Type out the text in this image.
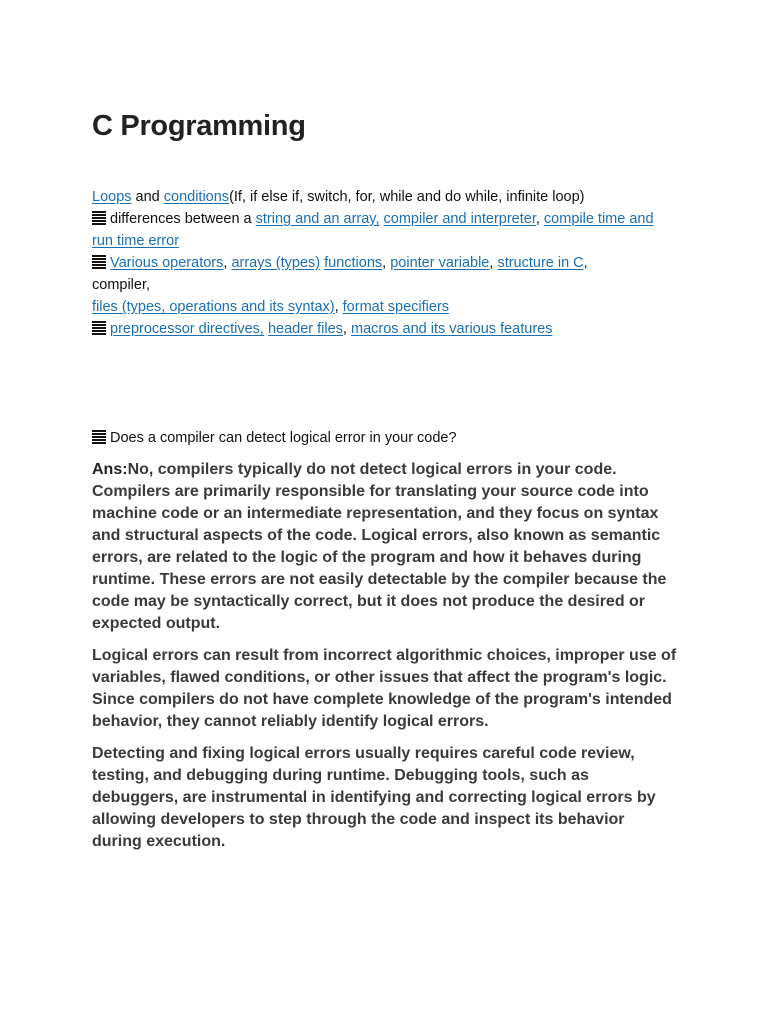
C Programming
Loops and conditions(If, if else if, switch, for, while and do while, infinite loop)
differences between a string and an array, compiler and interpreter, compile time and
run time error
Various operators, arrays (types) functions, pointer variable, structure in C,
compiler,
files (types, operations and its syntax), format specifiers
preprocessor directives, header files, macros and its various features
Does a compiler can detect logical error in your code?

Ans:No, compilers typically do not detect logical errors in your code. Compilers are primarily responsible for translating your source code into machine code or an intermediate representation, and they focus on syntax and structural aspects of the code. Logical errors, also known as semantic errors, are related to the logic of the program and how it behaves during runtime. These errors are not easily detectable by the compiler because the code may be syntactically correct, but it does not produce the desired or expected output.

Logical errors can result from incorrect algorithmic choices, improper use of variables, flawed conditions, or other issues that affect the program's logic. Since compilers do not have complete knowledge of the program's intended behavior, they cannot reliably identify logical errors.

Detecting and fixing logical errors usually requires careful code review, testing, and debugging during runtime. Debugging tools, such as debuggers, are instrumental in identifying and correcting logical errors by allowing developers to step through the code and inspect its behavior during execution.
